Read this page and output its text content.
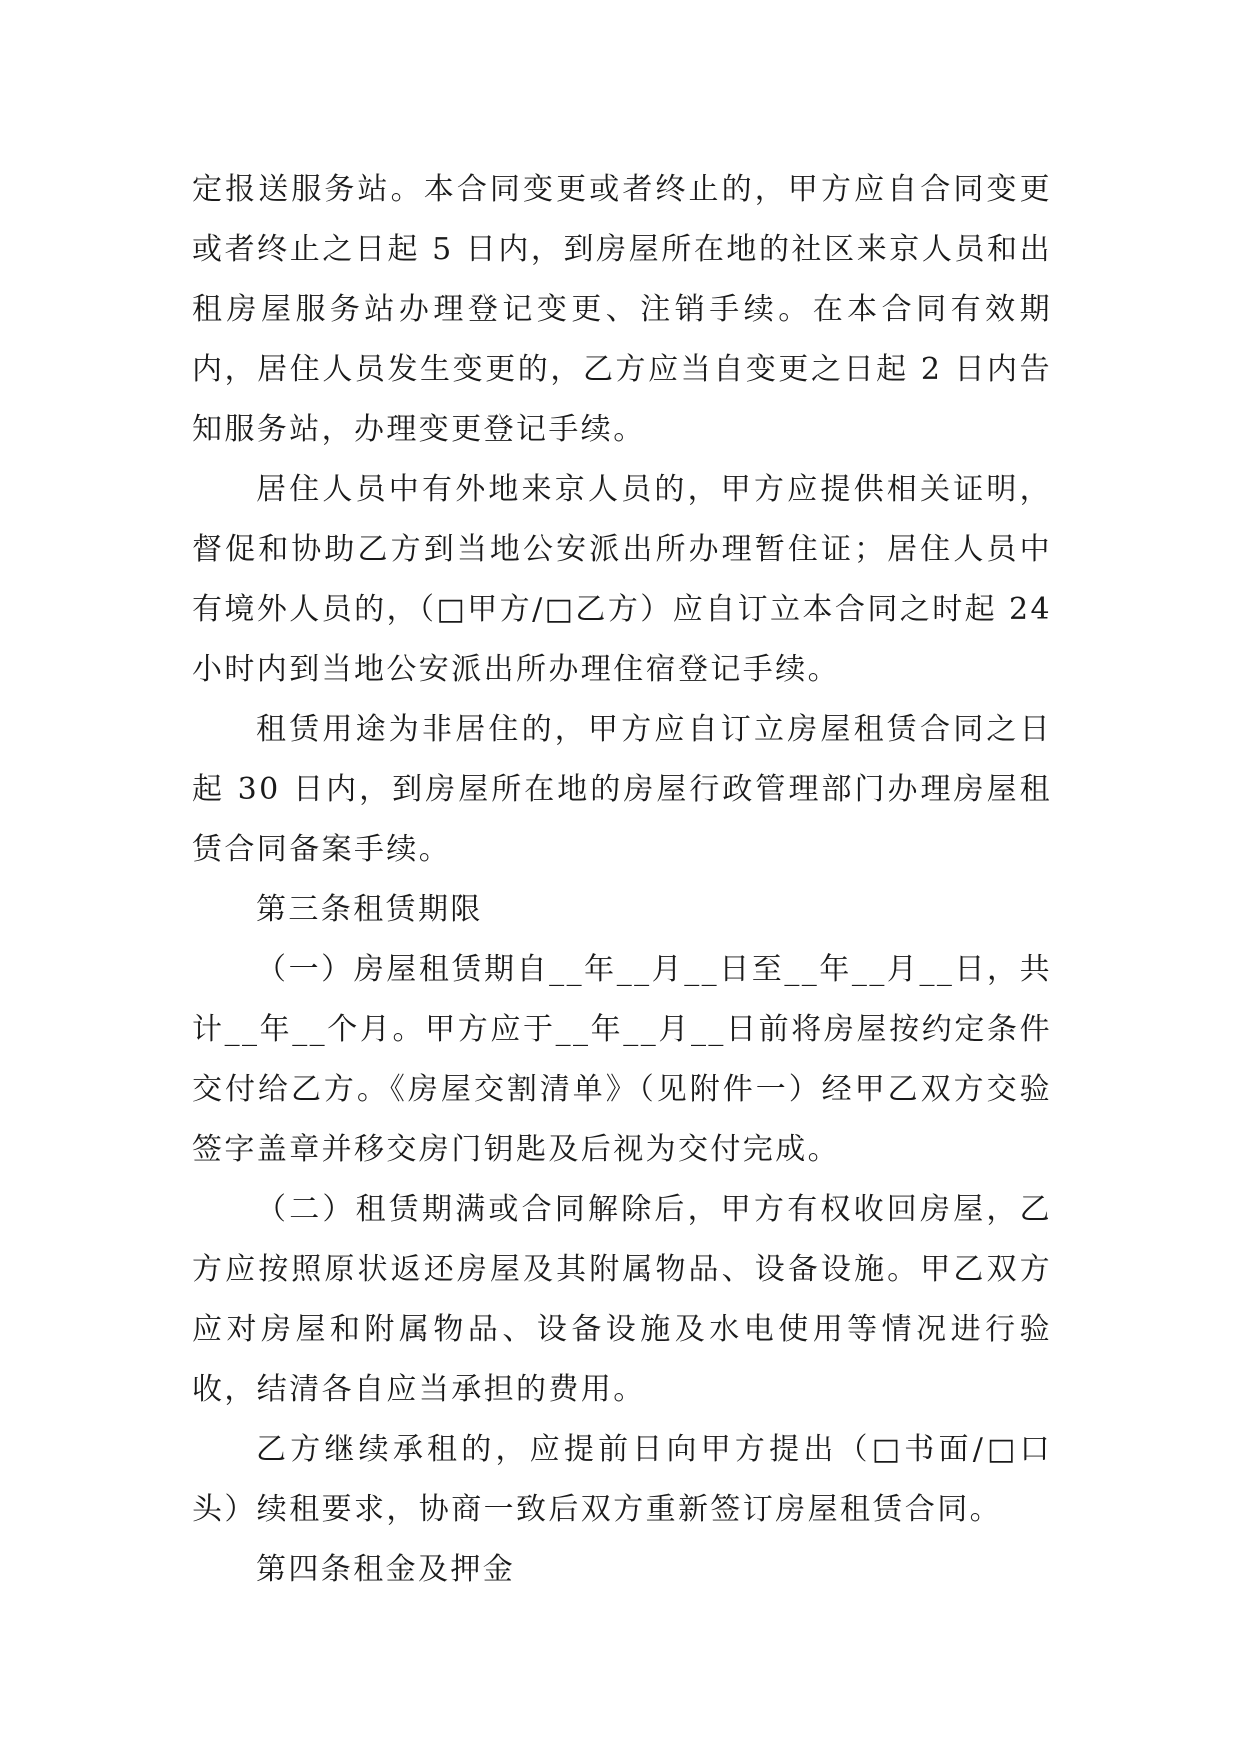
定报送服务站。本合同变更或者终止的，甲方应自合同变更或者终止之日起 5 日内，到房屋所在地的社区来京人员和出租房屋服务站办理登记变更、注销手续。在本合同有效期内，居住人员发生变更的，乙方应当自变更之日起 2 日内告知服务站，办理变更登记手续。

居住人员中有外地来京人员的，甲方应提供相关证明，督促和协助乙方到当地公安派出所办理暂住证；居住人员中有境外人员的，（□甲方/□乙方）应自订立本合同之时起 24 小时内到当地公安派出所办理住宿登记手续。

租赁用途为非居住的，甲方应自订立房屋租赁合同之日起 30 日内，到房屋所在地的房屋行政管理部门办理房屋租赁合同备案手续。

第三条租赁期限

（一）房屋租赁期自__年__月__日至__年__月__日，共计__年__个月。甲方应于__年__月__日前将房屋按约定条件交付给乙方。《房屋交割清单》（见附件一）经甲乙双方交验签字盖章并移交房门钥匙及后视为交付完成。

（二）租赁期满或合同解除后，甲方有权收回房屋，乙方应按照原状返还房屋及其附属物品、设备设施。甲乙双方应对房屋和附属物品、设备设施及水电使用等情况进行验收，结清各自应当承担的费用。

乙方继续承租的，应提前日向甲方提出（□书面/□口头）续租要求，协商一致后双方重新签订房屋租赁合同。

第四条租金及押金
